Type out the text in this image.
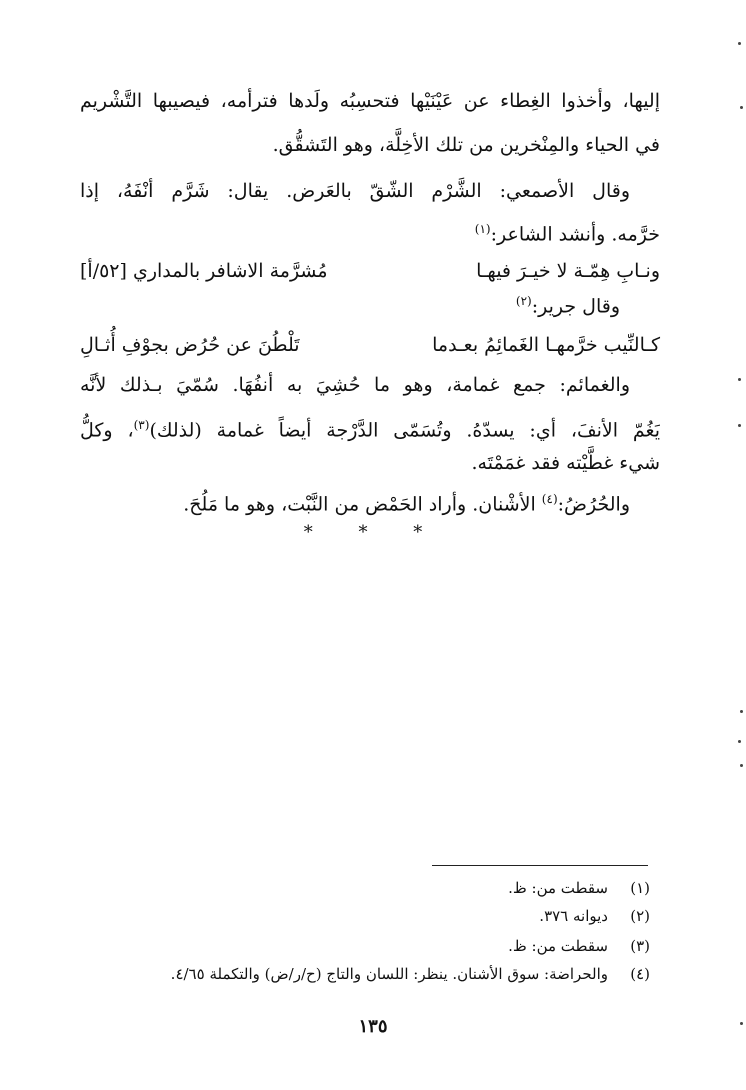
إليها، وأخذوا الغِطاء عن عَيْنَيْها فتحسِبُه ولَدها فترأمه، فيصيبها التَّشْريم
في الحياء والمِنْخرين من تلك الأخِلَّة، وهو التَشقُّق.
وقال الأصمعي: الشَّرْم الشّقّ بالعَرض. يقال: شَرَّم أنْفَهُ، إذا
خرَّمه. وأنشد الشاعر:$^{(١)}$
ونـابِ هِمّـة لا خيـرَ فيهـا
مُشرَّمة الاشافر بالمداري [٥٢/أ]
وقال جرير:$^{(٢)}$
كـالنِّيب خرَّمهـا الغَمائِمُ بعـدما
تَلْطُنَ عن حُرُض بجوْفِ أُثـالِ
والغمائم: جمع غمامة، وهو ما حُشِيَ به أنفُهَا. سُمّيَ بـذلك لأنَّه
يَغُمّ الأنفَ، أي: يسدّهُ. وتُسَمّى الدَّرْجة أيضاً غمامة (لذلك)$^{(٣)}$، وكلُّ
شيء غطَّيْته فقد غمَمْتَه.
والحُرُضُ:$^{(٤)}$ الأشْنان. وأراد الحَمْض من النَّبْت، وهو ما مَلُحَ.
* * *
(١)سقطت من: ظ.
(٢)ديوانه ٣٧٦.
(٣)سقطت من: ظ.
(٤)والحراضة: سوق الأشنان. ينظر: اللسان والتاج (ح/ر/ض) والتكملة ٤/٦٥.
١٣٥
